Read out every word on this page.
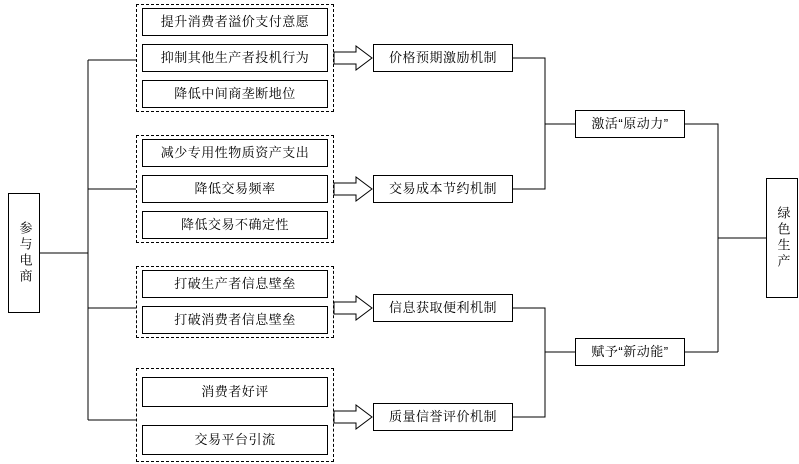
参与电商	绿色生产
提升消费者溢价支付意愿
抑制其他生产者投机行为
降低中间商垄断地位
价格预期激励机制
减少专用性物质资产支出
降低交易频率
降低交易不确定性
交易成本节约机制
打破生产者信息壁垒
打破消费者信息壁垒
信息获取便利机制
消费者好评
交易平台引流
质量信誉评价机制
激活“原动力”
赋予“新动能”
